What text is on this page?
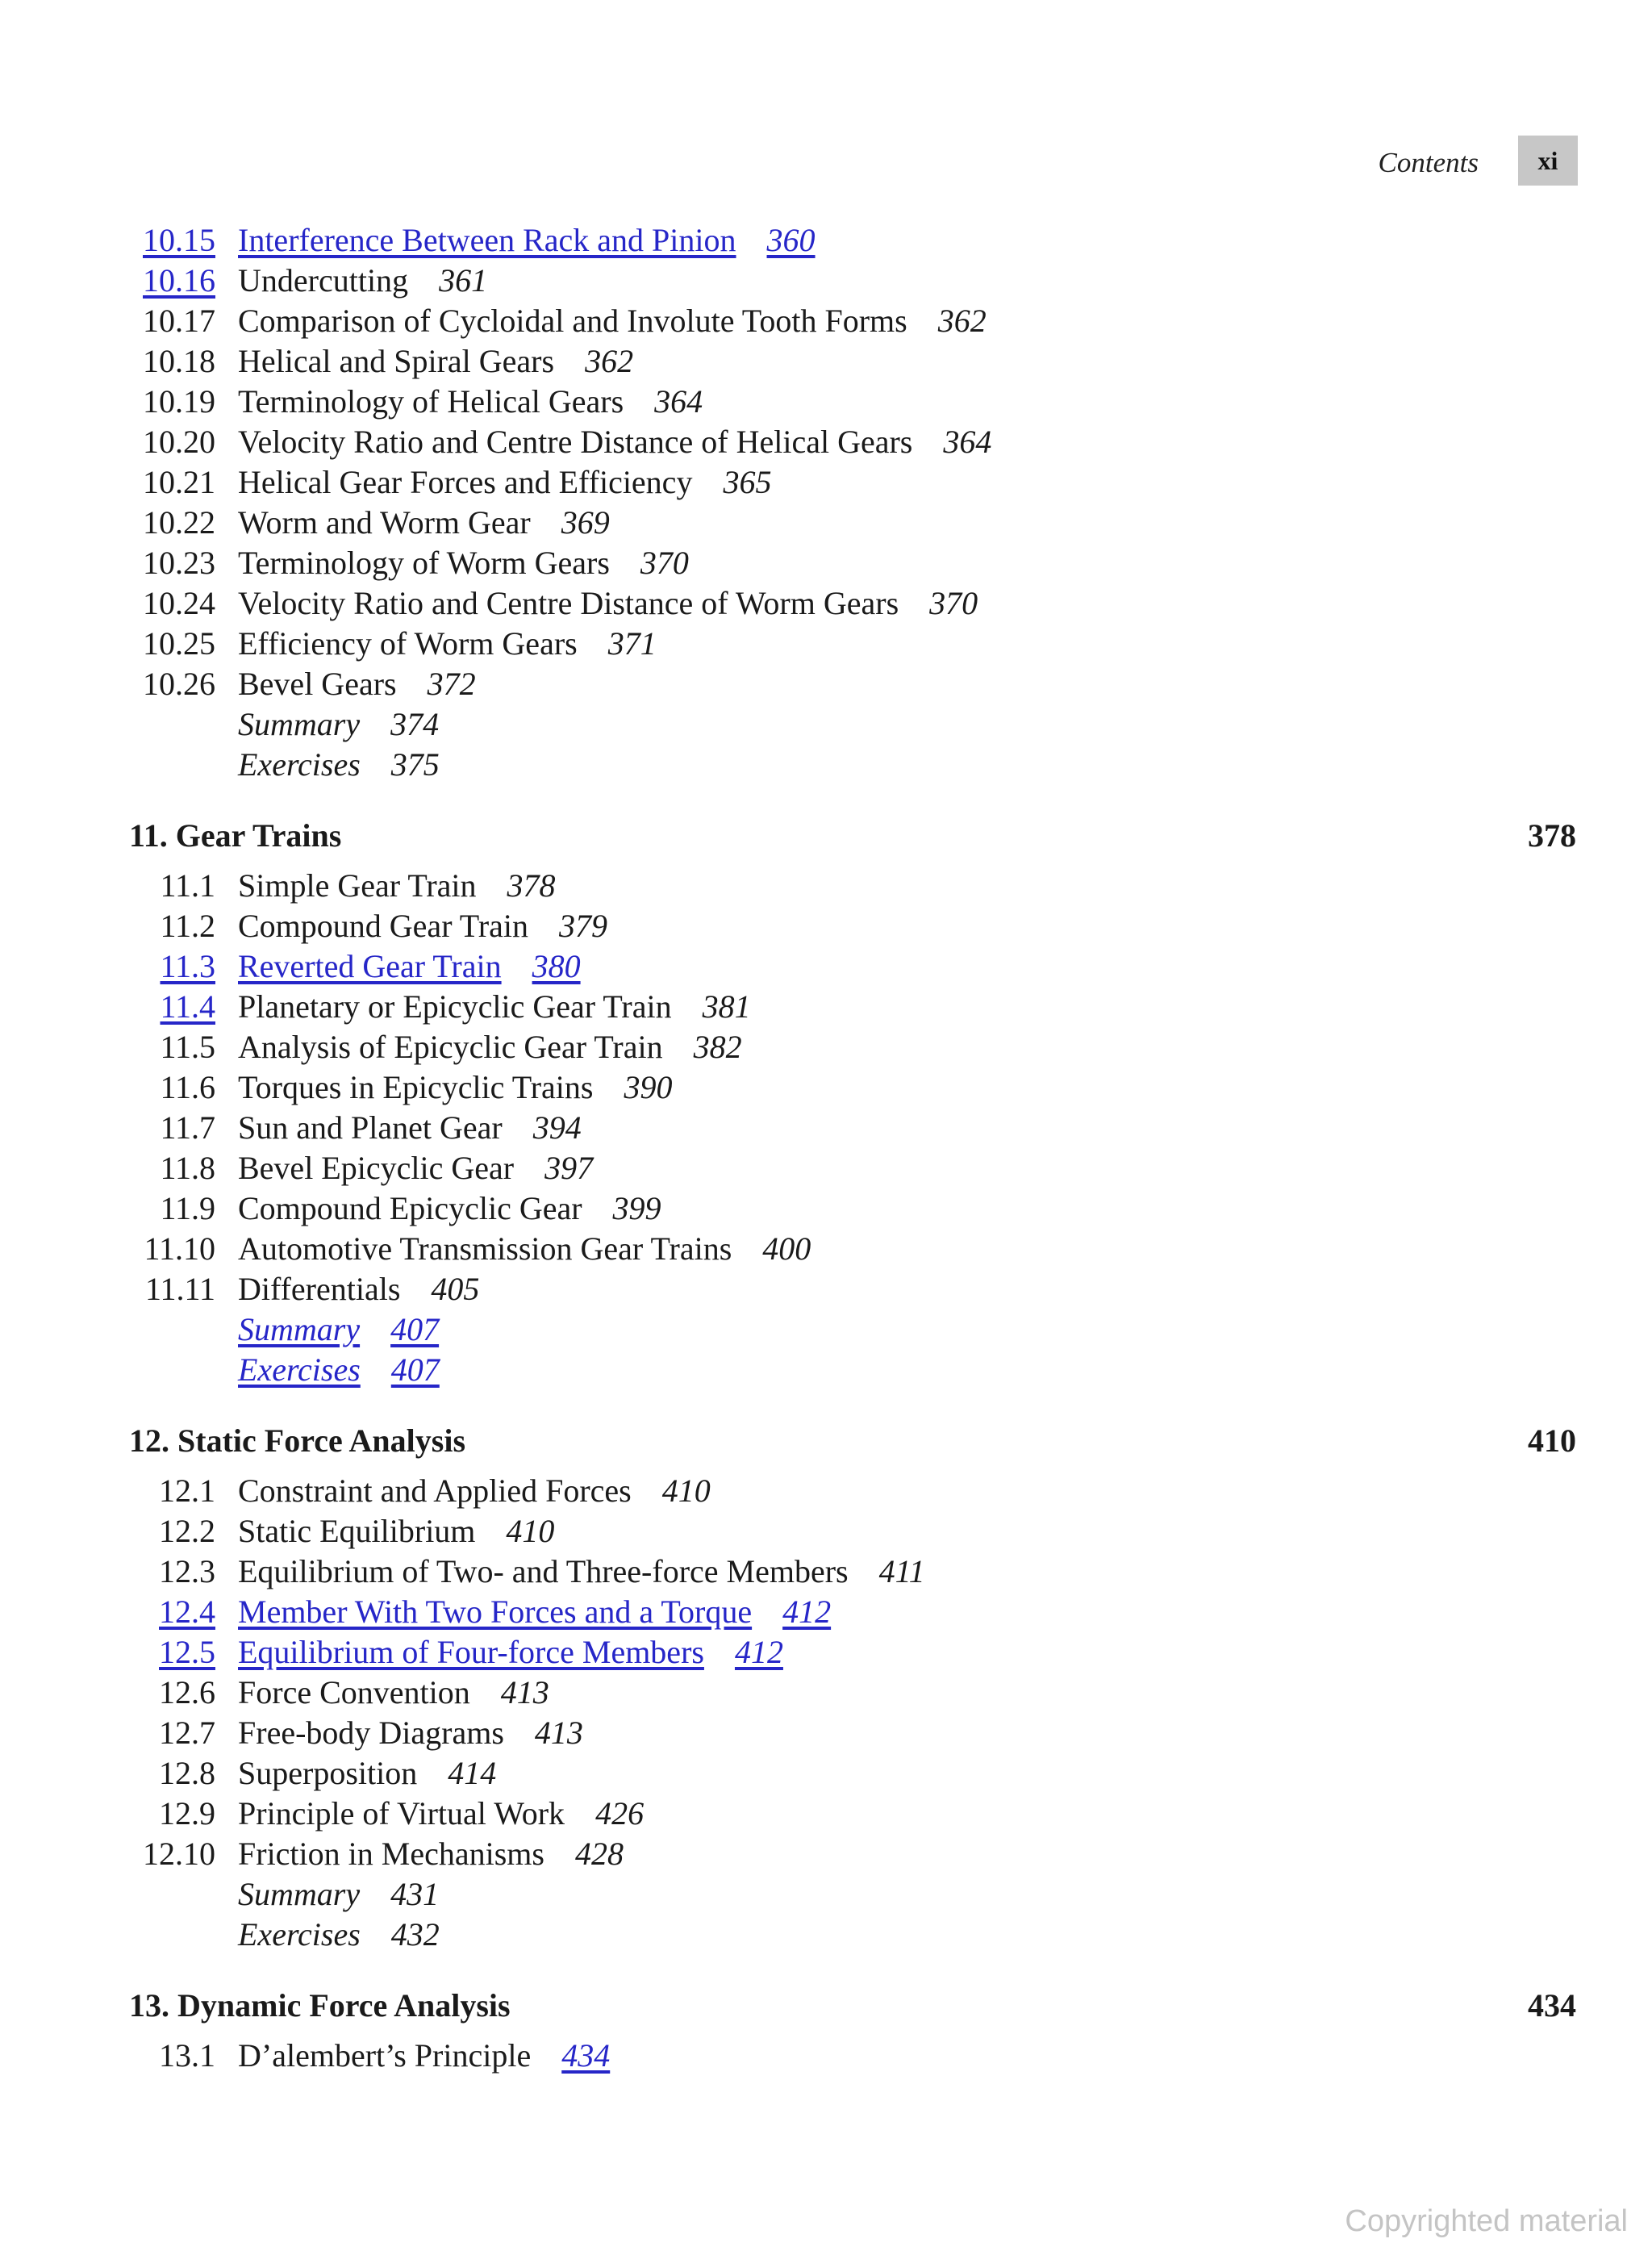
Contents	xi
10.15 Interference Between Rack and Pinion 360
10.16 Undercutting 361
10.17 Comparison of Cycloidal and Involute Tooth Forms 362
10.18 Helical and Spiral Gears 362
10.19 Terminology of Helical Gears 364
10.20 Velocity Ratio and Centre Distance of Helical Gears 364
10.21 Helical Gear Forces and Efficiency 365
10.22 Worm and Worm Gear 369
10.23 Terminology of Worm Gears 370
10.24 Velocity Ratio and Centre Distance of Worm Gears 370
10.25 Efficiency of Worm Gears 371
10.26 Bevel Gears 372
Summary 374
Exercises 375
11. Gear Trains	378
11.1 Simple Gear Train 378
11.2 Compound Gear Train 379
11.3 Reverted Gear Train 380
11.4 Planetary or Epicyclic Gear Train 381
11.5 Analysis of Epicyclic Gear Train 382
11.6 Torques in Epicyclic Trains 390
11.7 Sun and Planet Gear 394
11.8 Bevel Epicyclic Gear 397
11.9 Compound Epicyclic Gear 399
11.10 Automotive Transmission Gear Trains 400
11.11 Differentials 405
Summary 407
Exercises 407
12. Static Force Analysis	410
12.1 Constraint and Applied Forces 410
12.2 Static Equilibrium 410
12.3 Equilibrium of Two- and Three-force Members 411
12.4 Member With Two Forces and a Torque 412
12.5 Equilibrium of Four-force Members 412
12.6 Force Convention 413
12.7 Free-body Diagrams 413
12.8 Superposition 414
12.9 Principle of Virtual Work 426
12.10 Friction in Mechanisms 428
Summary 431
Exercises 432
13. Dynamic Force Analysis	434
13.1 D’alembert’s Principle 434
Copyrighted material
